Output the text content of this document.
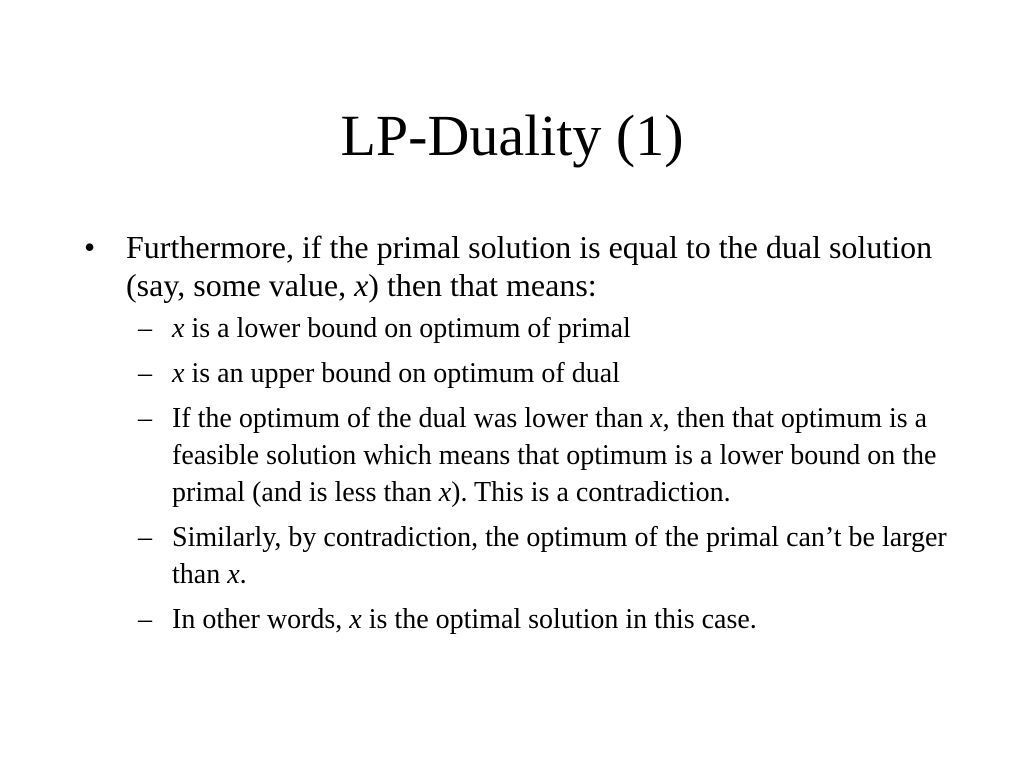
LP-Duality (1)
• Furthermore, if the primal solution is equal to the dual solution (say, some value, x) then that means:
– x is a lower bound on optimum of primal
– x is an upper bound on optimum of dual
– If the optimum of the dual was lower than x, then that optimum is a feasible solution which means that optimum is a lower bound on the primal (and is less than x). This is a contradiction.
– Similarly, by contradiction, the optimum of the primal can’t be larger than x.
– In other words, x is the optimal solution in this case.
